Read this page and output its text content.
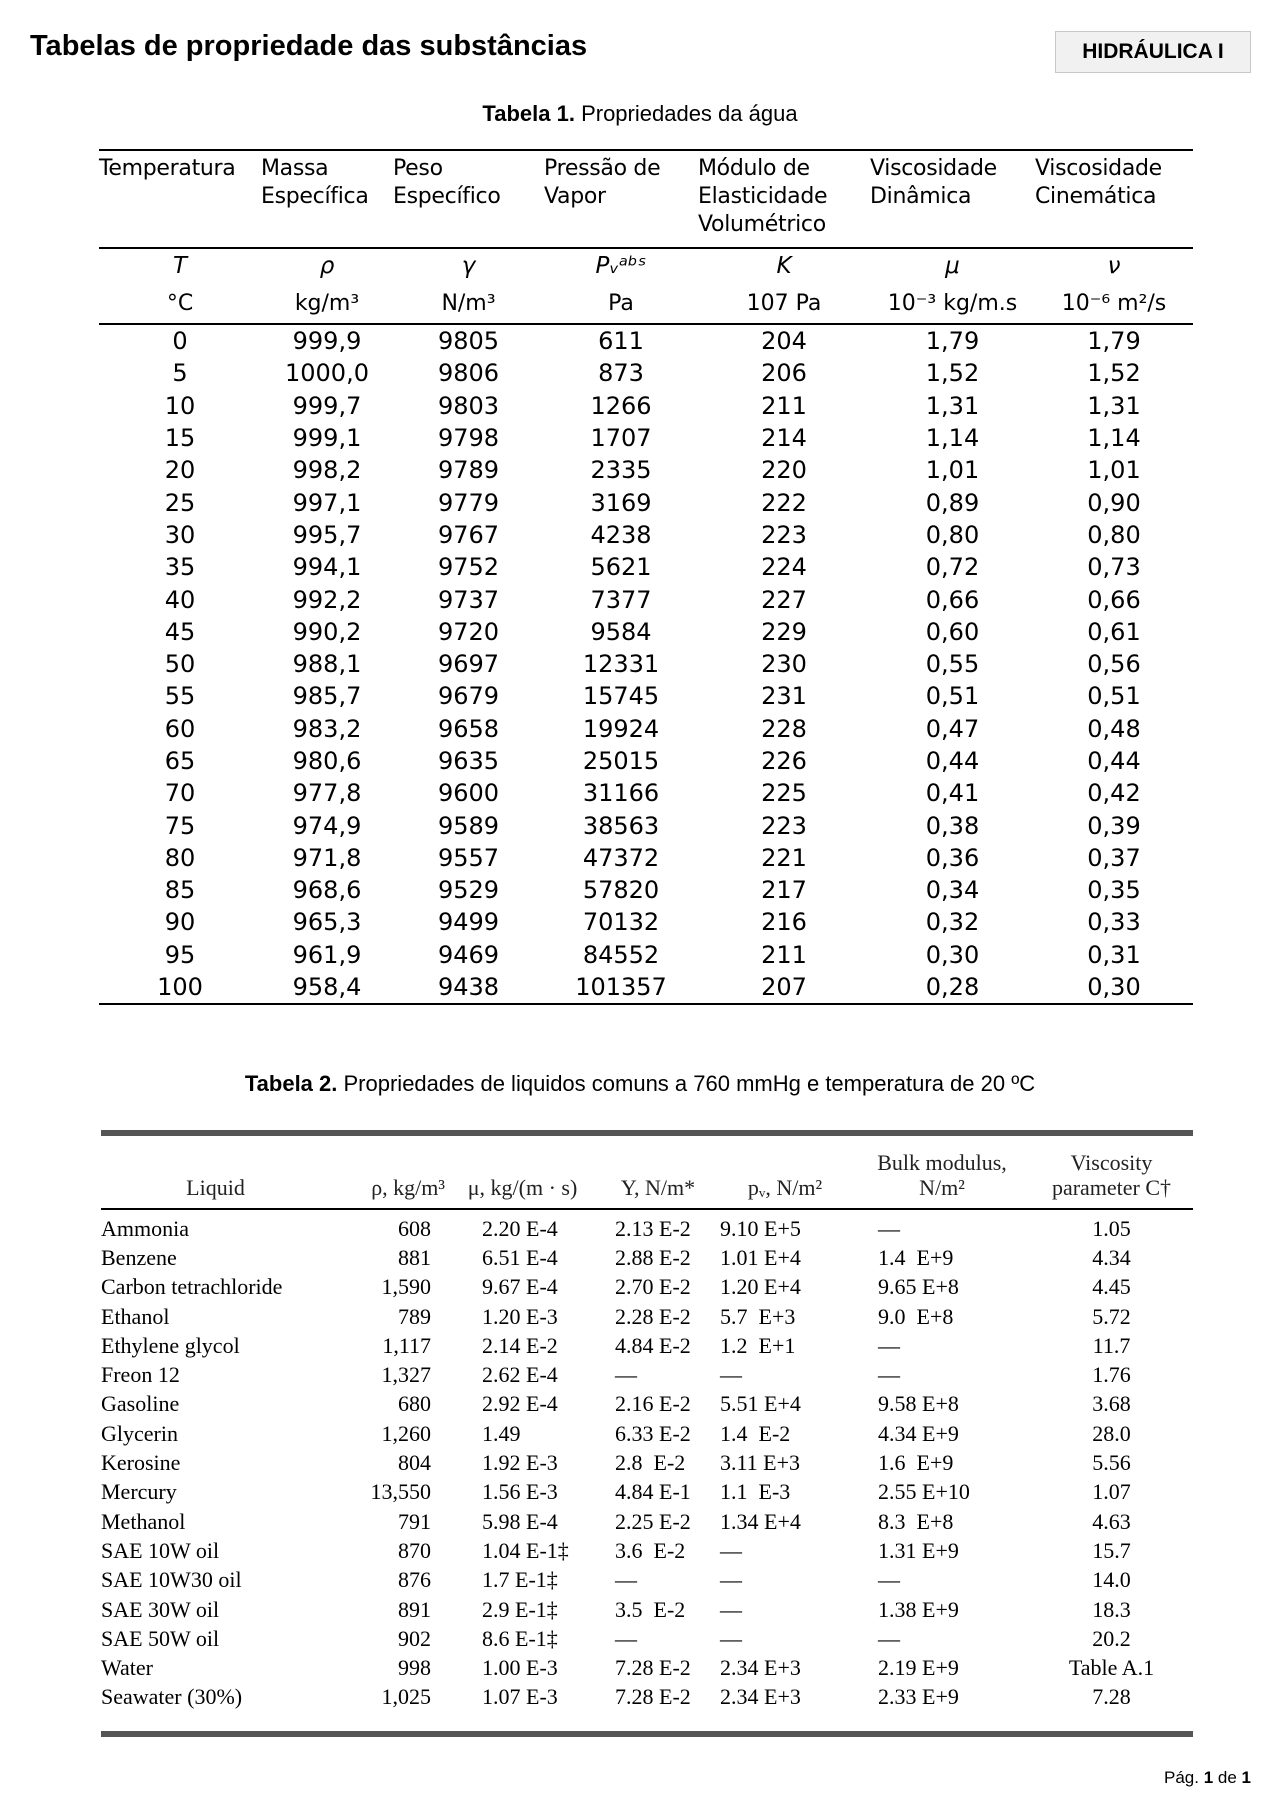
Tabelas de propriedade das substâncias	HIDRÁULICA I
Tabela 1. Propriedades da água
Temperatura	Massa Específica	Peso Específico	Pressão de Vapor	Módulo de Elasticidade Volumétrico	Viscosidade Dinâmica	Viscosidade Cinemática
T	ρ	γ	Pᵥᵃᵇˢ	K	μ	ν
°C	kg/m³	N/m³	Pa	107 Pa	10⁻³ kg/m.s	10⁻⁶ m²/s
0	999,9	9805	611	204	1,79	1,79
5	1000,0	9806	873	206	1,52	1,52
10	999,7	9803	1266	211	1,31	1,31
15	999,1	9798	1707	214	1,14	1,14
20	998,2	9789	2335	220	1,01	1,01
25	997,1	9779	3169	222	0,89	0,90
30	995,7	9767	4238	223	0,80	0,80
35	994,1	9752	5621	224	0,72	0,73
40	992,2	9737	7377	227	0,66	0,66
45	990,2	9720	9584	229	0,60	0,61
50	988,1	9697	12331	230	0,55	0,56
55	985,7	9679	15745	231	0,51	0,51
60	983,2	9658	19924	228	0,47	0,48
65	980,6	9635	25015	226	0,44	0,44
70	977,8	9600	31166	225	0,41	0,42
75	974,9	9589	38563	223	0,38	0,39
80	971,8	9557	47372	221	0,36	0,37
85	968,6	9529	57820	217	0,34	0,35
90	965,3	9499	70132	216	0,32	0,33
95	961,9	9469	84552	211	0,30	0,31
100	958,4	9438	101357	207	0,28	0,30
Tabela 2. Propriedades de liquidos comuns a 760 mmHg e temperatura de 20 ºC
Liquid	ρ, kg/m³	μ, kg/(m · s)	Y, N/m*	pᵥ, N/m²	Bulk modulus, N/m²	Viscosity parameter C†
Ammonia	608	2.20 E-4	2.13 E-2	9.10 E+5	—	1.05
Benzene	881	6.51 E-4	2.88 E-2	1.01 E+4	1.4  E+9	4.34
Carbon tetrachloride	1,590	9.67 E-4	2.70 E-2	1.20 E+4	9.65 E+8	4.45
Ethanol	789	1.20 E-3	2.28 E-2	5.7  E+3	9.0  E+8	5.72
Ethylene glycol	1,117	2.14 E-2	4.84 E-2	1.2  E+1	—	11.7
Freon 12	1,327	2.62 E-4	—	—	—	1.76
Gasoline	680	2.92 E-4	2.16 E-2	5.51 E+4	9.58 E+8	3.68
Glycerin	1,260	1.49	6.33 E-2	1.4  E-2	4.34 E+9	28.0
Kerosine	804	1.92 E-3	2.8  E-2	3.11 E+3	1.6  E+9	5.56
Mercury	13,550	1.56 E-3	4.84 E-1	1.1  E-3	2.55 E+10	1.07
Methanol	791	5.98 E-4	2.25 E-2	1.34 E+4	8.3  E+8	4.63
SAE 10W oil	870	1.04 E-1‡	3.6  E-2	—	1.31 E+9	15.7
SAE 10W30 oil	876	1.7 E-1‡	—	—	—	14.0
SAE 30W oil	891	2.9 E-1‡	3.5  E-2	—	1.38 E+9	18.3
SAE 50W oil	902	8.6 E-1‡	—	—	—	20.2
Water	998	1.00 E-3	7.28 E-2	2.34 E+3	2.19 E+9	Table A.1
Seawater (30%)	1,025	1.07 E-3	7.28 E-2	2.34 E+3	2.33 E+9	7.28
Pág. 1 de 1
